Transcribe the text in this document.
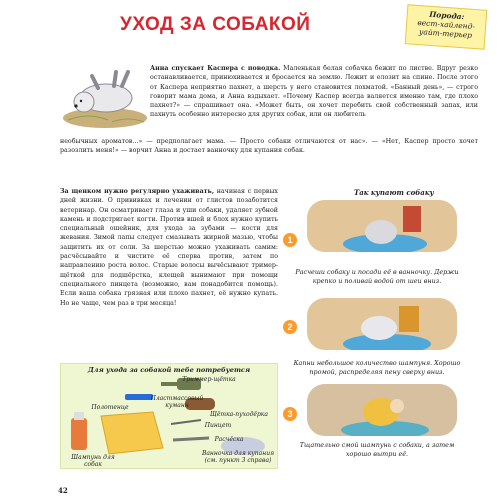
УХОД ЗА СОБАКОЙ	Порода:
вест-хайленд-уайт-терьер
Анна спускает Каспера с поводка. Маленькая белая собачка бежит по листве. Вдруг резко останавливается, принюхивается и бросается на землю. Лежит и елозит на спине. После этого от Каспера неприятно пахнет, а шерсть у него становится лохматой. «Банный день», — строго говорит мама дома, и Анна вздыхает. «Почему Каспер всегда валяется именно там, где плохо пахнет?» — спрашивает она. «Может быть, он хочет перебить свой собственный запах, или пахнуть особенно интересно для других собак, или он любитель
необычных ароматов...» — предполагает мама. — Просто собаки отличаются от нас». — «Нет, Каспер просто хочет разозлить меня!» — ворчит Анна и достает ванночку для купания собак.
За щенком нужно регулярно ухаживать, начиная с первых дней жизни. О прививках и лечении от глистов позаботится ветеринар. Он осматривает глаза и уши собаки, удаляет зубной камень и подстригает когти. Против вшей и блох нужно купить специальный ошейник, для ухода за зубами — кости для жевания. Зимой лапы следует смазывать жирной мазью, чтобы защитить их от соли. За шерстью можно ухаживать самим: расчёсывайте и чистите её сперва против, затем по направлению роста волос. Старые волосы вычёсывают тример-щёткой для подшёрстка, клещей вынимают при помощи специального пинцета (возможно, вам понадобится помощь). Если ваша собака грязная или плохо пахнет, её нужно купать. Но не чаще, чем раз в три месяца!
Для ухода за собакой тебе потребуется
Триммер-щётка
Пластмассовый куманн
Полотенце
Щётка-пуходёрка
Пинцет
Расчёска
Шампунь для собак
Ванночка для купания (см. пункт 3 справа)
Так купают собаку
1
Расчеши собаку и посади её в ванночку. Держи крепко и поливай водой от шеи вниз.
2
Капни небольшое количество шампуня. Хорошо промой, распределяя пену сверху вниз.
3
Тщательно смой шампунь с собаки, а затем хорошо вытри её.
42
